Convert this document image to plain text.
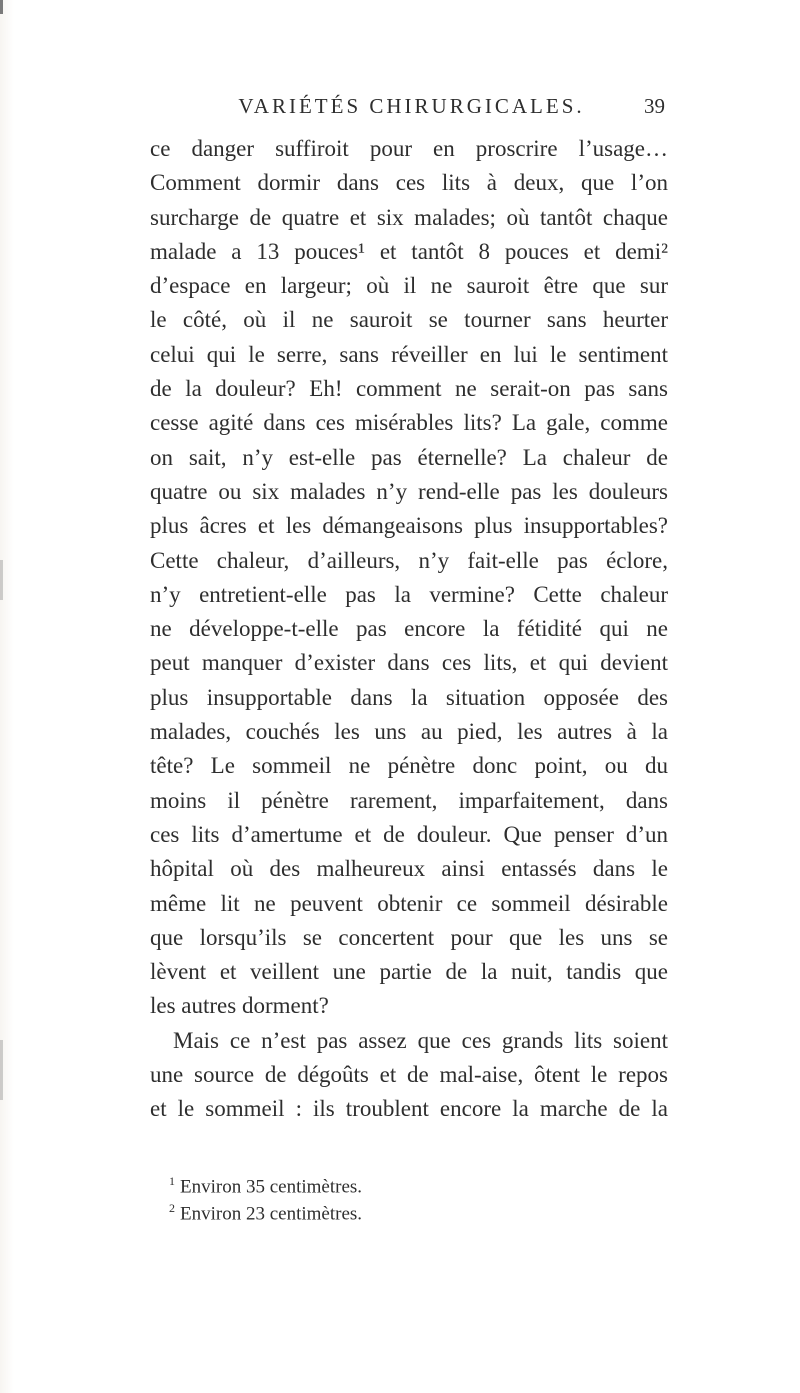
VARIÉTÉS CHIRURGICALES.	39
ce danger suffiroit pour en proscrire l’usage…
Comment dormir dans ces lits à deux, que l’on
surcharge de quatre et six malades; où tantôt chaque
malade a 13 pouces¹ et tantôt 8 pouces et demi²
d’espace en largeur; où il ne sauroit être que sur
le côté, où il ne sauroit se tourner sans heurter
celui qui le serre, sans réveiller en lui le sentiment
de la douleur? Eh! comment ne serait-on pas sans
cesse agité dans ces misérables lits? La gale, comme
on sait, n’y est-elle pas éternelle? La chaleur de
quatre ou six malades n’y rend-elle pas les douleurs
plus âcres et les démangeaisons plus insupportables?
Cette chaleur, d’ailleurs, n’y fait-elle pas éclore,
n’y entretient-elle pas la vermine? Cette chaleur
ne développe-t-elle pas encore la fétidité qui ne
peut manquer d’exister dans ces lits, et qui devient
plus insupportable dans la situation opposée des
malades, couchés les uns au pied, les autres à la
tête? Le sommeil ne pénètre donc point, ou du
moins il pénètre rarement, imparfaitement, dans
ces lits d’amertume et de douleur. Que penser d’un
hôpital où des malheureux ainsi entassés dans le
même lit ne peuvent obtenir ce sommeil désirable
que lorsqu’ils se concertent pour que les uns se
lèvent et veillent une partie de la nuit, tandis que
les autres dorment?
Mais ce n’est pas assez que ces grands lits soient
une source de dégoûts et de mal-aise, ôtent le repos
et le sommeil : ils troublent encore la marche de la
$^1$ Environ 35 centimètres.
$^2$ Environ 23 centimètres.
